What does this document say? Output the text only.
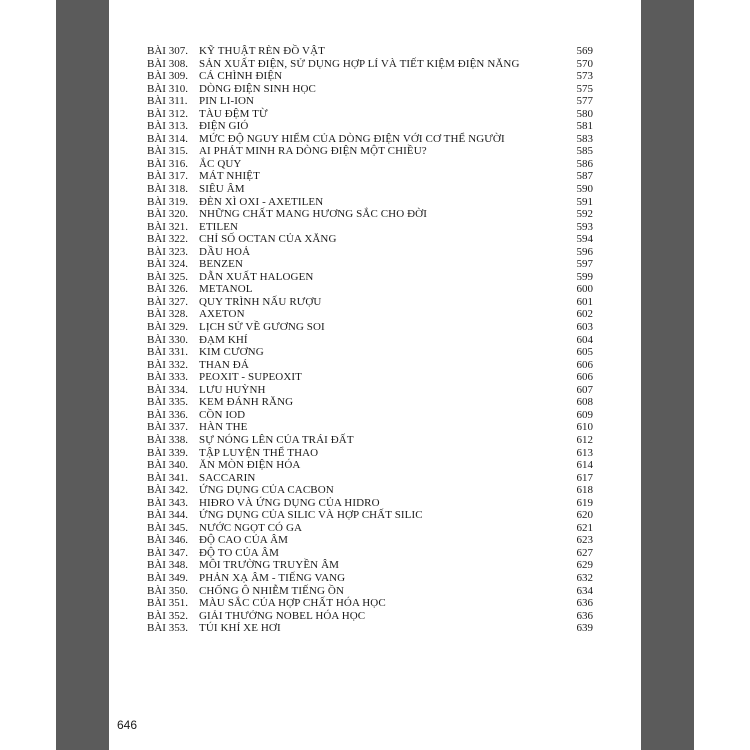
BÀI 307. KỸ THUẬT RÈN ĐỒ VẬT	569
BÀI 308. SẢN XUẤT ĐIỆN, SỬ DỤNG HỢP LÍ VÀ TIẾT KIỆM ĐIỆN NĂNG	570
BÀI 309. CÁ CHÌNH ĐIỆN	573
BÀI 310. DÒNG ĐIỆN SINH HỌC	575
BÀI 311. PIN LI-ION	577
BÀI 312. TÀU ĐỆM TỪ	580
BÀI 313. ĐIỆN GIÓ	581
BÀI 314. MỨC ĐỘ NGUY HIỂM CỦA DÒNG ĐIỆN VỚI CƠ THỂ NGƯỜI	583
BÀI 315. AI PHÁT MINH RA DÒNG ĐIỆN MỘT CHIỀU?	585
BÀI 316. ẮC QUY	586
BÀI 317. MÁT NHIỆT	587
BÀI 318. SIÊU ÂM	590
BÀI 319. ĐÈN XÌ OXI - AXETILEN	591
BÀI 320. NHỮNG CHẤT MANG HƯƠNG SẮC CHO ĐỜI	592
BÀI 321. ETILEN	593
BÀI 322. CHỈ SỐ OCTAN CỦA XĂNG	594
BÀI 323. DẦU HOẢ	596
BÀI 324. BENZEN	597
BÀI 325. DẪN XUẤT HALOGEN	599
BÀI 326. METANOL	600
BÀI 327. QUY TRÌNH NẤU RƯỢU	601
BÀI 328. AXETON	602
BÀI 329. LỊCH SỬ VỀ GƯƠNG SOI	603
BÀI 330. ĐẠM KHÍ	604
BÀI 331. KIM CƯƠNG	605
BÀI 332. THAN ĐÁ	606
BÀI 333. PEOXIT - SUPEOXIT	606
BÀI 334. LƯU HUỲNH	607
BÀI 335. KEM ĐÁNH RĂNG	608
BÀI 336. CỒN IOD	609
BÀI 337. HÀN THE	610
BÀI 338. SỰ NÓNG LÊN CỦA TRÁI ĐẤT	612
BÀI 339. TẬP LUYỆN THỂ THAO	613
BÀI 340. ĂN MÒN ĐIỆN HÓA	614
BÀI 341. SACCARIN	617
BÀI 342. ỨNG DỤNG CỦA CACBON	618
BÀI 343. HIĐRO VÀ ỨNG DỤNG CỦA HIDRO	619
BÀI 344. ỨNG DỤNG CỦA SILIC VÀ HỢP CHẤT SILIC	620
BÀI 345. NƯỚC NGỌT CÓ GA	621
BÀI 346. ĐỘ CAO CỦA ÂM	623
BÀI 347. ĐỘ TO CỦA ÂM	627
BÀI 348. MÔI TRƯỜNG TRUYỀN ÂM	629
BÀI 349. PHẢN XẠ ÂM - TIẾNG VANG	632
BÀI 350. CHỐNG Ô NHIỄM TIẾNG ỒN	634
BÀI 351. MÀU SẮC CỦA HỢP CHẤT HÓA HỌC	636
BÀI 352. GIẢI THƯỞNG NOBEL HÓA HỌC	636
BÀI 353. TÚI KHÍ XE HƠI	639
646
